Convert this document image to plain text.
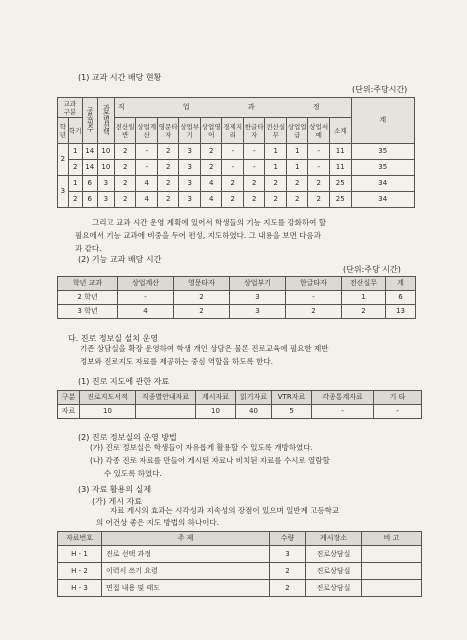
(1) 교과 시간 배당 현황
(단위:주당시간)
교과
구분		공통필수	과목별선택	직 업 과 정											계
학년	학기			전산일반	상업계산	영문타자	상업부기	상업영어	경제지리	한글타자	전산실무	상업업급	상업서예	소계	
2	1	14	10	2	-	2	3	2	-	-	1	1	-	11	35
	2	14	10	2	-	2	3	2	-	-	1	1	-	11	35
3	1	6	3	2	4	2	3	4	2	2	2	2	2	25	34
	2	6	3	2	4	2	3	4	2	2	2	2	2	25	34
그리고 교과 시간 운영 계획에 있어서 학생들의 기능 지도를 강화하여 할
필요에서 기능 교과에 비중을 두어 편성, 지도하였다. 그 내용을 보면 다음과
과 같다.
(2) 기능 교과 배당 시간
(단위:주당 시간)
학년 교과	상업계산	영문타자	상업부기	한글타자	전산실무	계
2 학년	-	2	3	-	1	6
3 학년	4	2	3	2	2	13
다. 진로 정보실 설치 운영
기존 상담실을 확장 운영하여 학생 개인 상담은 물론 진로교육에 필요한 제반
정보와 진로지도 자료를 제공하는 중심 역할을 하도록 한다.
(1) 진로 지도에 관한 자료
구분	진로지도서적	직종별안내자료	계시자료	읽기자료	VTR자료	각종통계자료	기 타
자료	10		10	40	5	-	-
(2) 진로 정보실의 운영 방법
(가) 진로 정보실은 학생들이 자유롭게 활용할 수 있도록 개방하였다.
(나) 각종 진로 자료를 만들어 게시된 자료나 비치된 자료를 수시로 열람할
수 있도록 하였다.
(3) 자료 활용의 실제
(가) 게시 자료
자료 게시의 효과는 시각성과 지속성의 장점이 있으며 일반계 고등학교
의 어건상 좋은 지도 방법의 하나이다.
자료번호	주 제	수량	게시장소	비 고
H - 1	진로 선택 과정	3	진로상담실	
H - 2	이력서 쓰기 요령	2	진로상담실	
H - 3	면접 내용 및 태도	2	진로상담실	
